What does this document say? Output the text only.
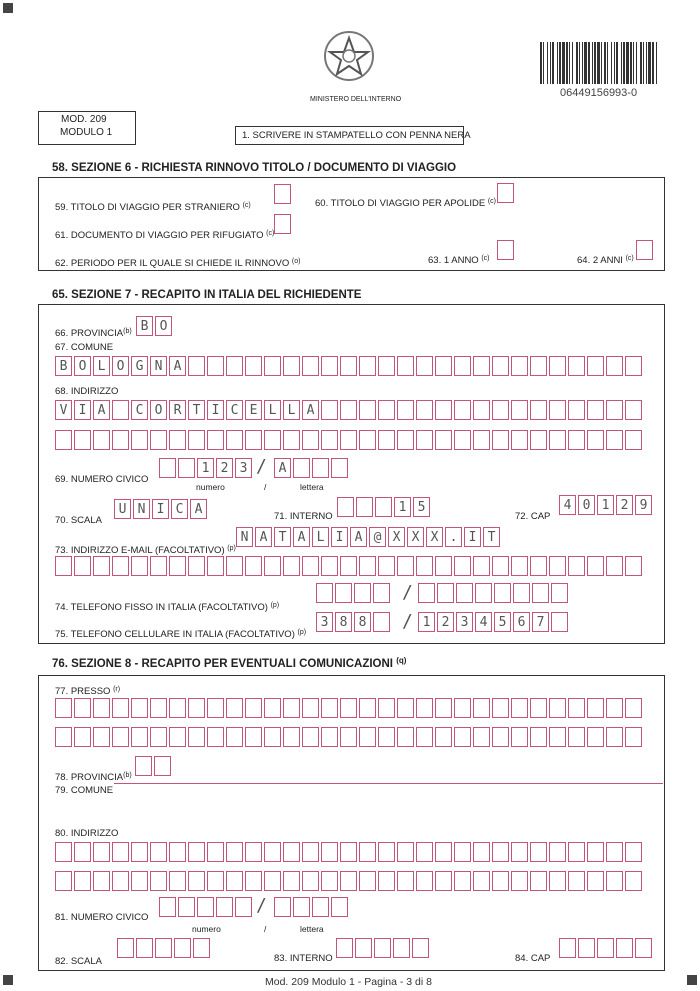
MINISTERO DELL'INTERNO
06449156993-0
MOD. 209
MODULO 1	1. SCRIVERE IN STAMPATELLO CON PENNA NERA
58. SEZIONE 6 - RICHIESTA RINNOVO TITOLO / DOCUMENTO DI VIAGGIO
59. TITOLO DI VIAGGIO PER STRANIERO $^{(c)}$	60. TITOLO DI VIAGGIO PER APOLIDE $^{(c)}$
61. DOCUMENTO DI VIAGGIO PER RIFUGIATO $^{(c)}$
62. PERIODO PER IL QUALE SI CHIEDE IL RINNOVO $^{(o)}$	63. 1 ANNO $^{(c)}$	64. 2 ANNI $^{(c)}$
65. SEZIONE 7 - RECAPITO IN ITALIA DEL RICHIEDENTE
66. PROVINCIA$^{(b)}$ B O
67. COMUNE
B O L O G N A
68. INDIRIZZO
V I A	C O R T I C E L L A
69. NUMERO CIVICO
1 2 3 / A
numero	/	lettera
70. SCALA
U N I C A	71. INTERNO
1 5
72. CAP
4 0 1 2 9
73. INDIRIZZO E-MAIL (FACOLTATIVO) $^{(p)}$
N A T A L I A @ X X X . I T
74. TELEFONO FISSO IN ITALIA (FACOLTATIVO) $^{(p)}$
/
75. TELEFONO CELLULARE IN ITALIA (FACOLTATIVO) $^{(p)}$
3 8 8 / 1 2 3 4 5 6 7
76. SEZIONE 8 - RECAPITO PER EVENTUALI COMUNICAZIONI $^{(q)}$
77. PRESSO $^{(r)}$
78. PROVINCIA$^{(b)}$
79. COMUNE
80. INDIRIZZO
81. NUMERO CIVICO
/
numero	/	lettera
82. SCALA	83. INTERNO	84. CAP
Mod. 209 Modulo 1 - Pagina - 3 di 8
